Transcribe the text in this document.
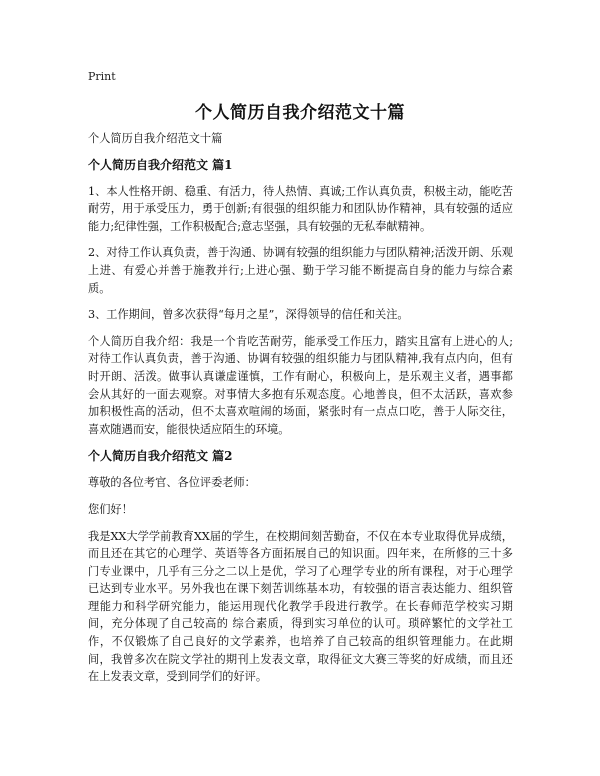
Print
个人简历自我介绍范文十篇

个人简历自我介绍范文十篇

个人简历自我介绍范文 篇1

1、本人性格开朗、稳重、有活力，待人热情、真诚;工作认真负责，积极主动，能吃苦耐劳，用于承受压力，勇于创新;有很强的组织能力和团队协作精神，具有较强的适应能力;纪律性强，工作积极配合;意志坚强，具有较强的无私奉献精神。

2、对待工作认真负责，善于沟通、协调有较强的组织能力与团队精神;活泼开朗、乐观上进、有爱心并善于施教并行;上进心强、勤于学习能不断提高自身的能力与综合素质。

3、工作期间，曾多次获得“每月之星”，深得领导的信任和关注。

个人简历自我介绍：我是一个肯吃苦耐劳，能承受工作压力，踏实且富有上进心的人;对待工作认真负责，善于沟通、协调有较强的组织能力与团队精神,我有点内向，但有时开朗、活泼。做事认真谦虚谨慎，工作有耐心，积极向上，是乐观主义者，遇事都会从其好的一面去观察。对事情大多抱有乐观态度。心地善良，但不太活跃，喜欢参加积极性高的活动，但不太喜欢喧闹的场面，紧张时有一点点口吃，善于人际交往，喜欢随遇而安，能很快适应陌生的环境。

个人简历自我介绍范文 篇2

尊敬的各位考官、各位评委老师：

您们好！

我是XX大学学前教育XX届的学生，在校期间刻苦勤奋，不仅在本专业取得优异成绩，而且还在其它的心理学、英语等各方面拓展自己的知识面。四年来，在所修的三十多门专业课中，几乎有三分之二以上是优，学习了心理学专业的所有课程，对于心理学已达到专业水平。另外我也在课下刻苦训练基本功，有较强的语言表达能力、组织管理能力和科学研究能力，能运用现代化教学手段进行教学。在长春师范学校实习期间，充分体现了自己较高的 综合素质，得到实习单位的认可。琐碎繁忙的文学社工作，不仅锻炼了自己良好的文学素养，也培养了自己较高的组织管理能力。在此期间，我曾多次在院文学社的期刊上发表文章，取得征文大赛三等奖的好成绩，而且还在上发表文章，受到同学们的好评。
